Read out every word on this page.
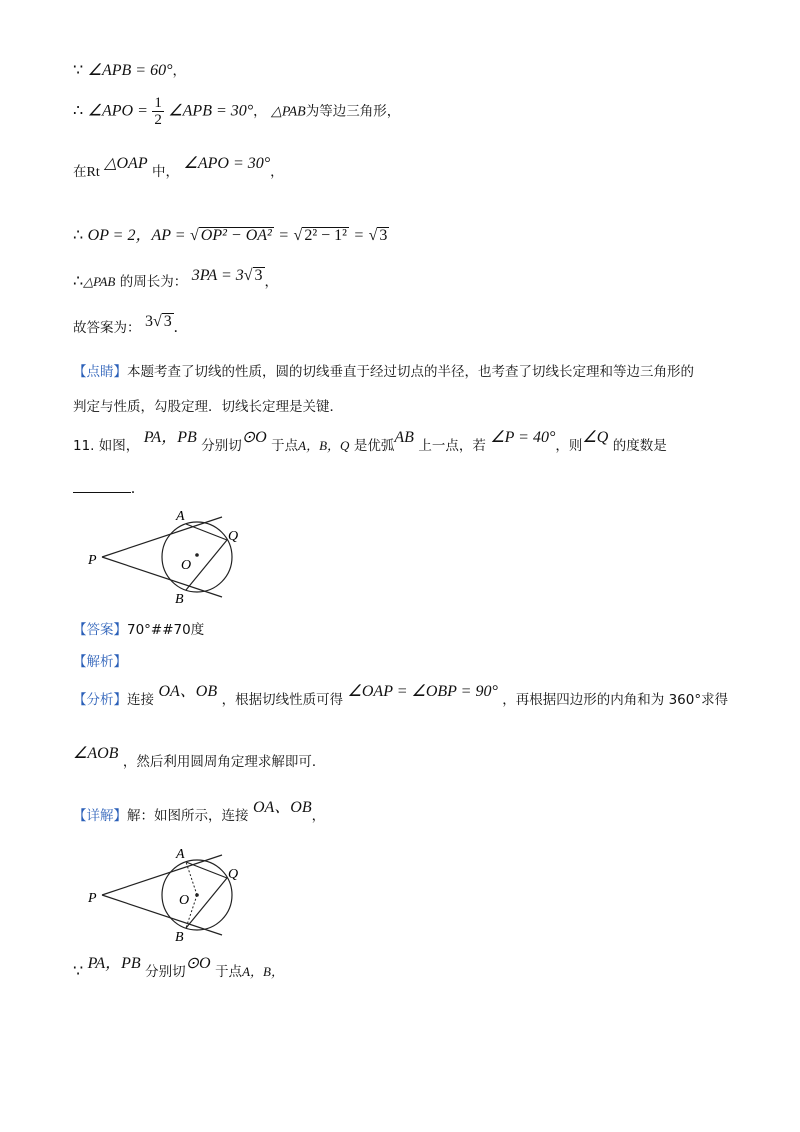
∵ ∠APB = 60°，
∴ ∠APO = $\frac{1}{2}$ ∠APB = 30°， △PAB为等边三角形，
在Rt △OAP 中， ∠APO = 30°，
∴ OP = 2，AP = √ OP² − OA² = √ 2² − 1² = √ 3
∴△PAB 的周长为： 3PA = 3√ 3 ，
故答案为： 3√ 3 .
【点睛】本题考查了切线的性质，圆的切线垂直于经过切点的半径，也考查了切线长定理和等边三角形的
判定与性质，勾股定理．切线长定理是关键．
11. 如图， PA，PB 分别切⊙O 于点A，B，Q 是优弧AB 上一点，若 ∠P = 40°，则∠Q 的度数是
.
P
A
B
Q
O
【答案】70°##70度
【解析】
【分析】连接 OA、OB ，根据切线性质可得 ∠OAP = ∠OBP = 90° ，再根据四边形的内角和为 360°求得
∠AOB ，然后利用圆周角定理求解即可．
【详解】解：如图所示，连接 OA、OB，
P
A
B
Q
O
∵ PA，PB 分别切⊙O 于点A，B，
